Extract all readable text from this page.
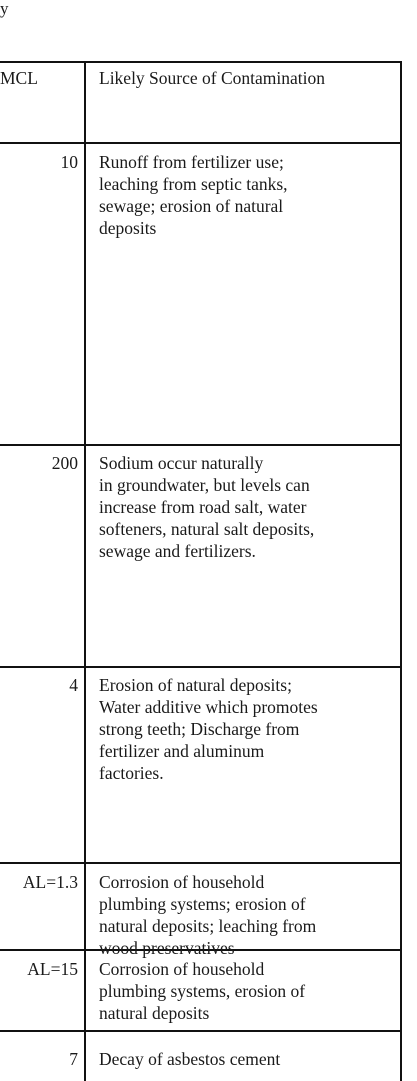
y
MCL	Likely Source of Contamination
10 Runoff from fertilizer use;
leaching from septic tanks,
sewage; erosion of natural
deposits
200 Sodium occur naturally
in groundwater, but levels can
increase from road salt, water
softeners, natural salt deposits,
sewage and fertilizers.
4 Erosion of natural deposits;
Water additive which promotes
strong teeth; Discharge from
fertilizer and aluminum
factories.
AL=1.3 Corrosion of household
plumbing systems; erosion of
natural deposits; leaching from
wood preservatives
AL=15 Corrosion of household
plumbing systems, erosion of
natural deposits
7 Decay of asbestos cement
